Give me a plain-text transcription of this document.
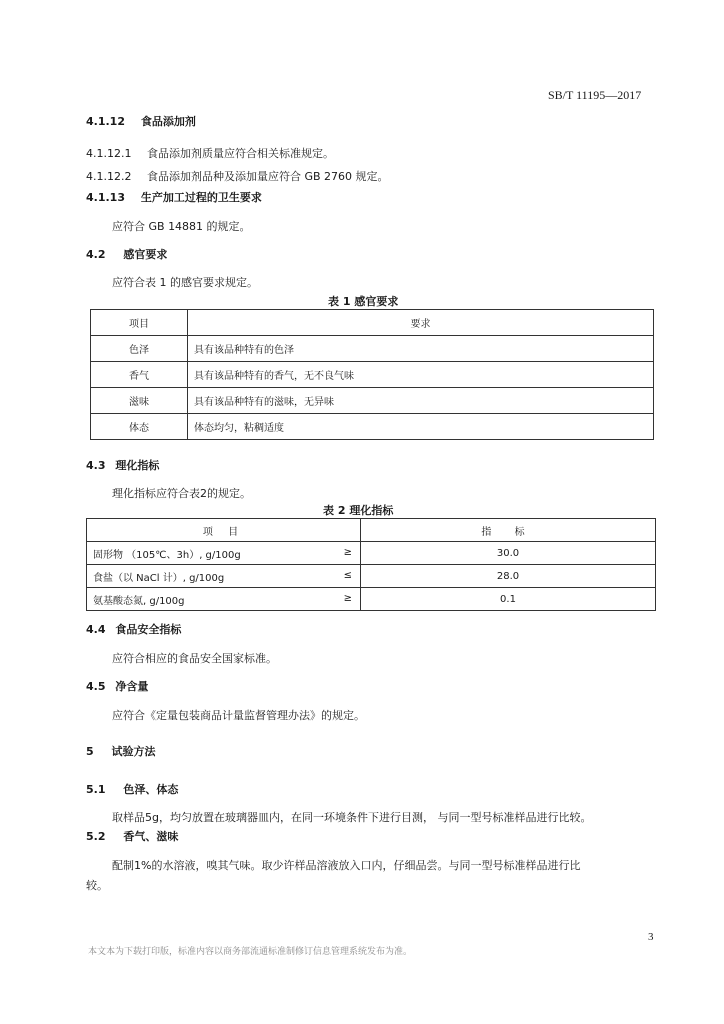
SB/T 11195—2017
4.1.12 食品添加剂
4.1.12.1 食品添加剂质量应符合相关标准规定。
4.1.12.2 食品添加剂品种及添加量应符合 GB 2760 规定。
4.1.13 生产加工过程的卫生要求
应符合 GB 14881 的规定。
4.2 感官要求
应符合表 1 的感官要求规定。
表 1 感官要求
项目	要求
色泽	具有该品种特有的色泽
香气	具有该品种特有的香气，无不良气味
滋味	具有该品种特有的滋味，无异味
体态	体态均匀，粘稠适度
4.3 理化指标
理化指标应符合表2的规定。
表 2 理化指标
项 目	指 标
固形物 （105℃、3h）, g/100g ≥	30.0
食盐（以 NaCl 计）, g/100g ≤	28.0
氨基酸态氮, g/100g ≥	0.1
4.4 食品安全指标
应符合相应的食品安全国家标准。
4.5 净含量
应符合《定量包装商品计量监督管理办法》的规定。
5 试验方法
5.1 色泽、体态
取样品5g，均匀放置在玻璃器皿内，在同一环境条件下进行目测， 与同一型号标准样品进行比较。
5.2 香气、滋味
配制1%的水溶液，嗅其气味。取少许样品溶液放入口内，仔细品尝。与同一型号标准样品进行比
较。
3
本文本为下载打印版，标准内容以商务部流通标准制修订信息管理系统发布为准。
